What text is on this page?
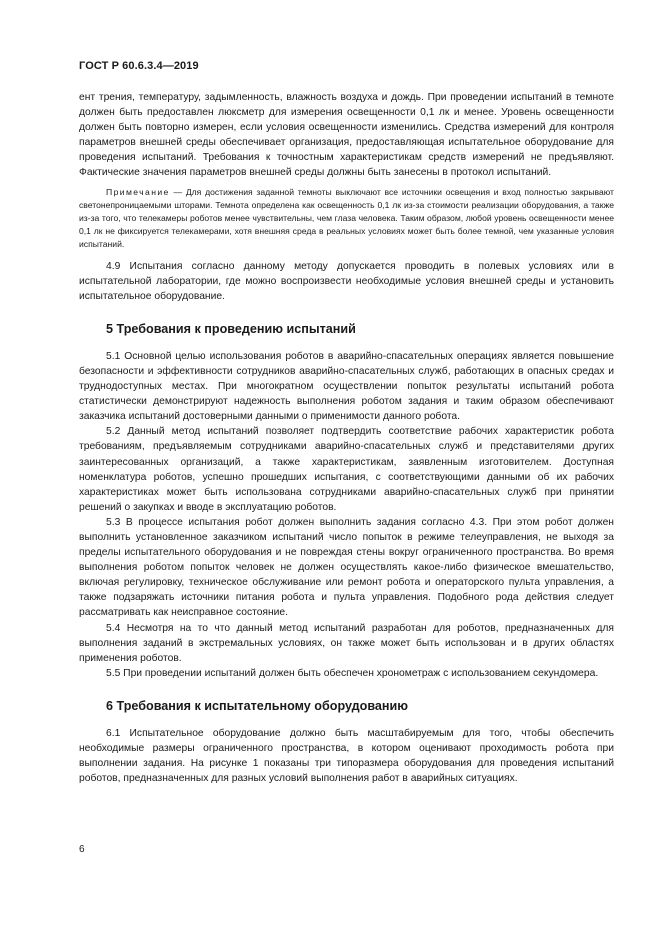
ГОСТ Р 60.6.3.4—2019

ент трения, температуру, задымленность, влажность воздуха и дождь. При проведении испытаний в темноте должен быть предоставлен люксметр для измерения освещенности 0,1 лк и менее. Уровень освещенности должен быть повторно измерен, если условия освещенности изменились. Средства измерений для контроля параметров внешней среды обеспечивает организация, предоставляющая испытательное оборудование для проведения испытаний. Требования к точностным характеристикам средств измерений не предъявляют. Фактические значения параметров внешней среды должны быть занесены в протокол испытаний.

Примечание — Для достижения заданной темноты выключают все источники освещения и вход полностью закрывают светонепроницаемыми шторами. Темнота определена как освещенность 0,1 лк из-за стоимости реализации оборудования, а также из-за того, что телекамеры роботов менее чувствительны, чем глаза человека. Таким образом, любой уровень освещенности менее 0,1 лк не фиксируется телекамерами, хотя внешняя среда в реальных условиях может быть более темной, чем указанные условия испытаний.

4.9 Испытания согласно данному методу допускается проводить в полевых условиях или в испытательной лаборатории, где можно воспроизвести необходимые условия внешней среды и установить испытательное оборудование.

5 Требования к проведению испытаний

5.1 Основной целью использования роботов в аварийно-спасательных операциях является повышение безопасности и эффективности сотрудников аварийно-спасательных служб, работающих в опасных средах и труднодоступных местах. При многократном осуществлении попыток результаты испытаний робота статистически демонстрируют надежность выполнения роботом задания и таким образом обеспечивают заказчика испытаний достоверными данными о применимости данного робота.

5.2 Данный метод испытаний позволяет подтвердить соответствие рабочих характеристик робота требованиям, предъявляемым сотрудниками аварийно-спасательных служб и представителями других заинтересованных организаций, а также характеристикам, заявленным изготовителем. Доступная номенклатура роботов, успешно прошедших испытания, с соответствующими данными об их рабочих характеристиках может быть использована сотрудниками аварийно-спасательных служб при принятии решений о закупках и вводе в эксплуатацию роботов.

5.3 В процессе испытания робот должен выполнить задания согласно 4.3. При этом робот должен выполнить установленное заказчиком испытаний число попыток в режиме телеуправления, не выходя за пределы испытательного оборудования и не повреждая стены вокруг ограниченного пространства. Во время выполнения роботом попыток человек не должен осуществлять какое-либо физическое вмешательство, включая регулировку, техническое обслуживание или ремонт робота и операторского пульта управления, а также подзаряжать источники питания робота и пульта управления. Подобного рода действия следует рассматривать как неисправное состояние.

5.4 Несмотря на то что данный метод испытаний разработан для роботов, предназначенных для выполнения заданий в экстремальных условиях, он также может быть использован и в других областях применения роботов.

5.5 При проведении испытаний должен быть обеспечен хронометраж с использованием секундомера.

6 Требования к испытательному оборудованию

6.1 Испытательное оборудование должно быть масштабируемым для того, чтобы обеспечить необходимые размеры ограниченного пространства, в котором оценивают проходимость робота при выполнении задания. На рисунке 1 показаны три типоразмера оборудования для проведения испытаний роботов, предназначенных для разных условий выполнения работ в аварийных ситуациях.

6
